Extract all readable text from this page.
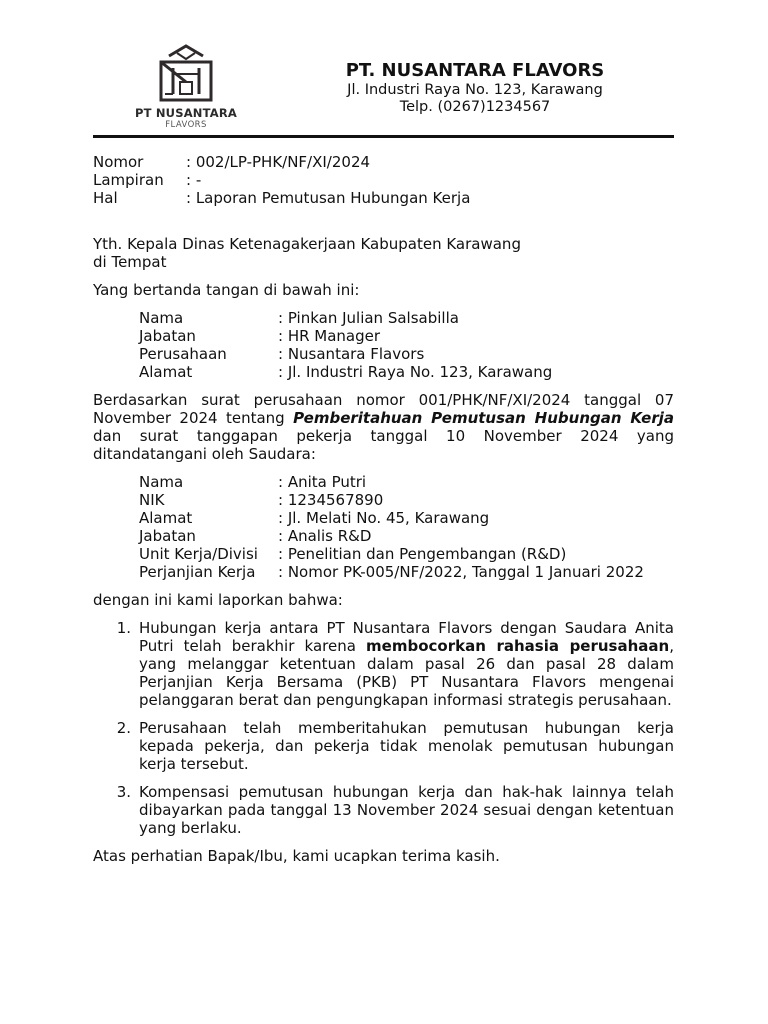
PT NUSANTARA
FLAVORS
PT. NUSANTARA FLAVORS
Jl. Industri Raya No. 123, Karawang
Telp. (0267)1234567
Nomor	: 002/LP-PHK/NF/XI/2024
Lampiran	: -
Hal	: Laporan Pemutusan Hubungan Kerja
Yth. Kepala Dinas Ketenagakerjaan Kabupaten Karawang
di Tempat
Yang bertanda tangan di bawah ini:
Nama	: Pinkan Julian Salsabilla
Jabatan	: HR Manager
Perusahaan	: Nusantara Flavors
Alamat	: Jl. Industri Raya No. 123, Karawang
Berdasarkan surat perusahaan nomor 001/PHK/NF/XI/2024 tanggal 07 November 2024 tentang Pemberitahuan Pemutusan Hubungan Kerja dan surat tanggapan pekerja tanggal 10 November 2024 yang ditandatangani oleh Saudara:
Nama	: Anita Putri
NIK	: 1234567890
Alamat	: Jl. Melati No. 45, Karawang
Jabatan	: Analis R&D
Unit Kerja/Divisi	: Penelitian dan Pengembangan (R&D)
Perjanjian Kerja	: Nomor PK-005/NF/2022, Tanggal 1 Januari 2022
dengan ini kami laporkan bahwa:
1. Hubungan kerja antara PT Nusantara Flavors dengan Saudara Anita Putri telah berakhir karena membocorkan rahasia perusahaan, yang melanggar ketentuan dalam pasal 26 dan pasal 28 dalam Perjanjian Kerja Bersama (PKB) PT Nusantara Flavors mengenai pelanggaran berat dan pengungkapan informasi strategis perusahaan.
2. Perusahaan telah memberitahukan pemutusan hubungan kerja kepada pekerja, dan pekerja tidak menolak pemutusan hubungan kerja tersebut.
3. Kompensasi pemutusan hubungan kerja dan hak-hak lainnya telah dibayarkan pada tanggal 13 November 2024 sesuai dengan ketentuan yang berlaku.
Atas perhatian Bapak/Ibu, kami ucapkan terima kasih.
